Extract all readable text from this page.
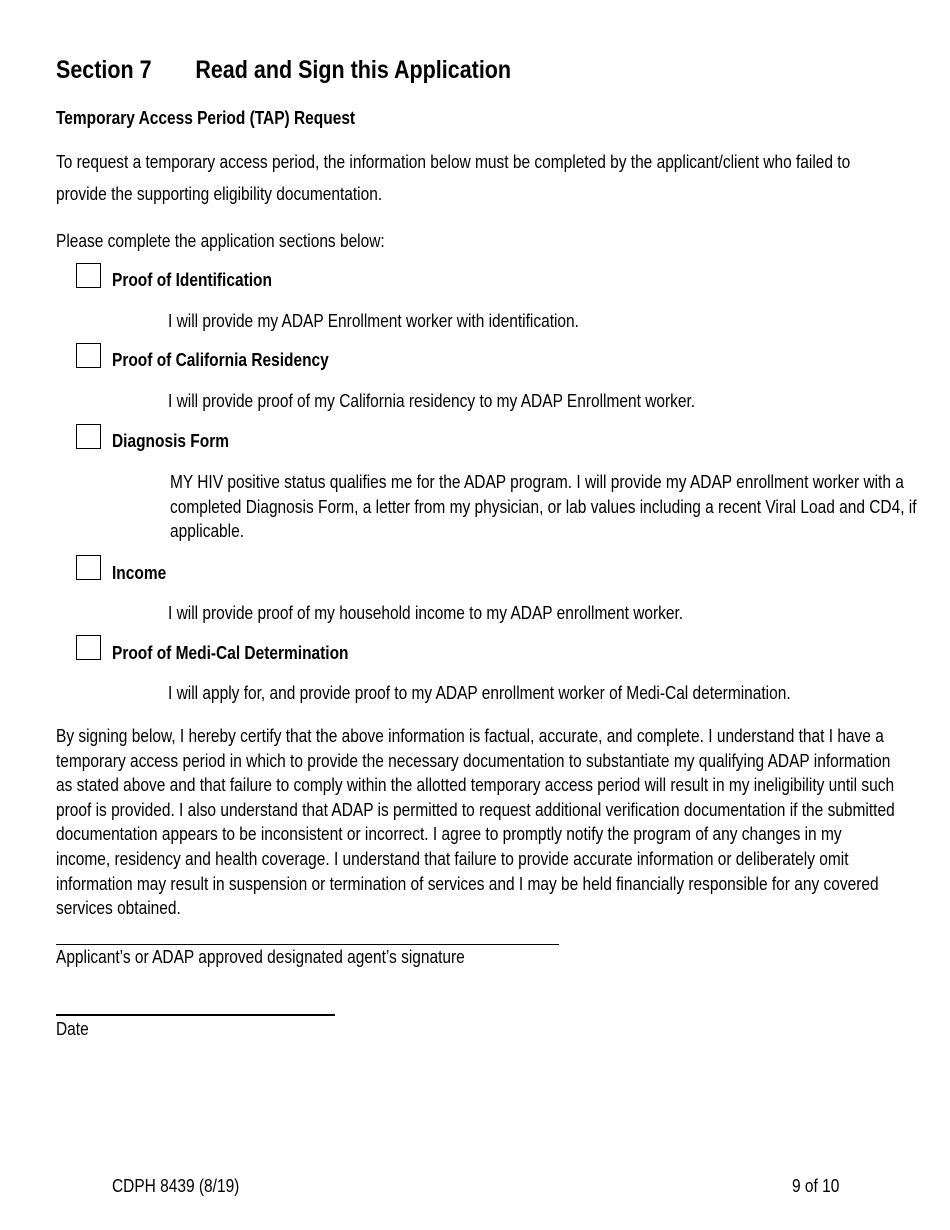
Section 7 Read and Sign this Application
Temporary Access Period (TAP) Request
To request a temporary access period, the information below must be completed by the applicant/client who failed to provide the supporting eligibility documentation.
Please complete the application sections below:
Proof of Identification
I will provide my ADAP Enrollment worker with identification.
Proof of California Residency
I will provide proof of my California residency to my ADAP Enrollment worker.
Diagnosis Form
MY HIV positive status qualifies me for the ADAP program. I will provide my ADAP enrollment worker with a completed Diagnosis Form, a letter from my physician, or lab values including a recent Viral Load and CD4, if applicable.
Income
I will provide proof of my household income to my ADAP enrollment worker.
Proof of Medi-Cal Determination
I will apply for, and provide proof to my ADAP enrollment worker of Medi-Cal determination.
By signing below, I hereby certify that the above information is factual, accurate, and complete. I understand that I have a temporary access period in which to provide the necessary documentation to substantiate my qualifying ADAP information as stated above and that failure to comply within the allotted temporary access period will result in my ineligibility until such proof is provided. I also understand that ADAP is permitted to request additional verification documentation if the submitted documentation appears to be inconsistent or incorrect. I agree to promptly notify the program of any changes in my income, residency and health coverage. I understand that failure to provide accurate information or deliberately omit information may result in suspension or termination of services and I may be held financially responsible for any covered services obtained.
Applicant’s or ADAP approved designated agent’s signature
Date
CDPH 8439 (8/19)	9 of 10
